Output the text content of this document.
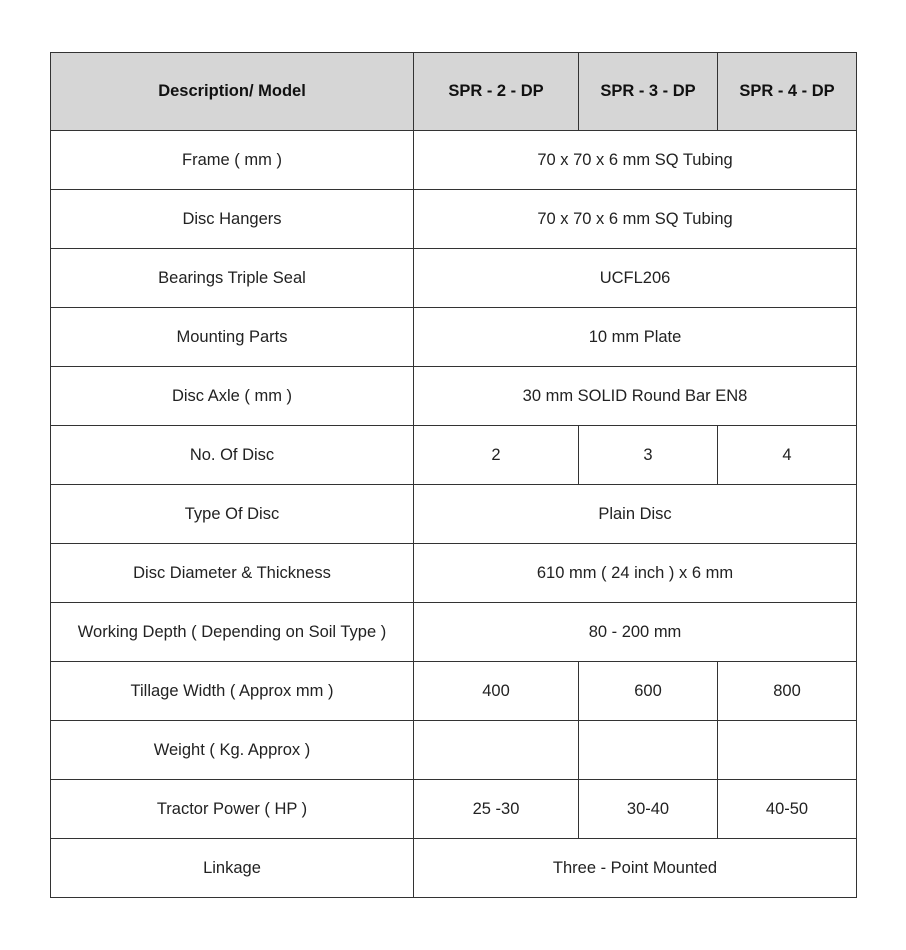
Description/ Model	SPR - 2 - DP	SPR - 3 - DP	SPR - 4 - DP
Frame ( mm )	70 x 70 x 6 mm SQ Tubing		
Disc Hangers	70 x 70 x 6 mm SQ Tubing		
Bearings Triple Seal	UCFL206		
Mounting Parts	10 mm Plate		
Disc Axle ( mm )	30 mm SOLID Round Bar EN8		
No. Of Disc	2	3	4
Type Of Disc	Plain Disc		
Disc Diameter & Thickness	610 mm ( 24 inch ) x 6 mm		
Working Depth ( Depending on Soil Type )	80 - 200 mm		
Tillage Width ( Approx mm )	400	600	800
Weight ( Kg. Approx )			
Tractor Power ( HP )	25 -30	30-40	40-50
Linkage	Three - Point Mounted		
